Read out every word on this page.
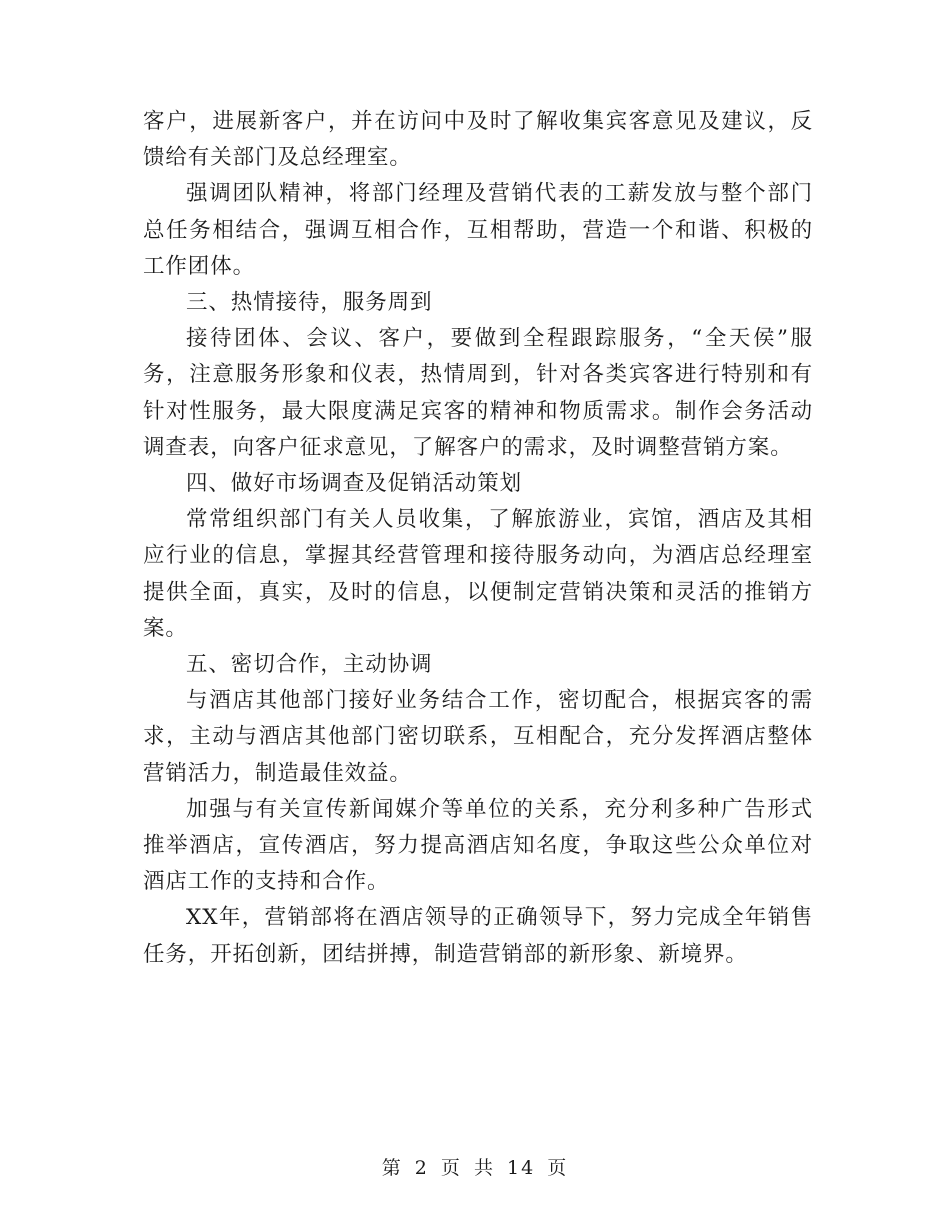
客户，进展新客户，并在访问中及时了解收集宾客意见及建议，反馈给有关部门及总经理室。

强调团队精神，将部门经理及营销代表的工薪发放与整个部门总任务相结合，强调互相合作，互相帮助，营造一个和谐、积极的工作团体。

三、热情接待，服务周到

接待团体、会议、客户，要做到全程跟踪服务，“全天侯”服务，注意服务形象和仪表，热情周到，针对各类宾客进行特别和有针对性服务，最大限度满足宾客的精神和物质需求。制作会务活动调查表，向客户征求意见，了解客户的需求，及时调整营销方案。

四、做好市场调查及促销活动策划

常常组织部门有关人员收集，了解旅游业，宾馆，酒店及其相应行业的信息，掌握其经营管理和接待服务动向，为酒店总经理室提供全面，真实，及时的信息，以便制定营销决策和灵活的推销方案。

五、密切合作，主动协调

与酒店其他部门接好业务结合工作，密切配合，根据宾客的需求，主动与酒店其他部门密切联系，互相配合，充分发挥酒店整体营销活力，制造最佳效益。

加强与有关宣传新闻媒介等单位的关系，充分利多种广告形式推举酒店，宣传酒店，努力提高酒店知名度，争取这些公众单位对酒店工作的支持和合作。

XX年，营销部将在酒店领导的正确领导下，努力完成全年销售任务，开拓创新，团结拼搏，制造营销部的新形象、新境界。

第 2 页 共 14 页
